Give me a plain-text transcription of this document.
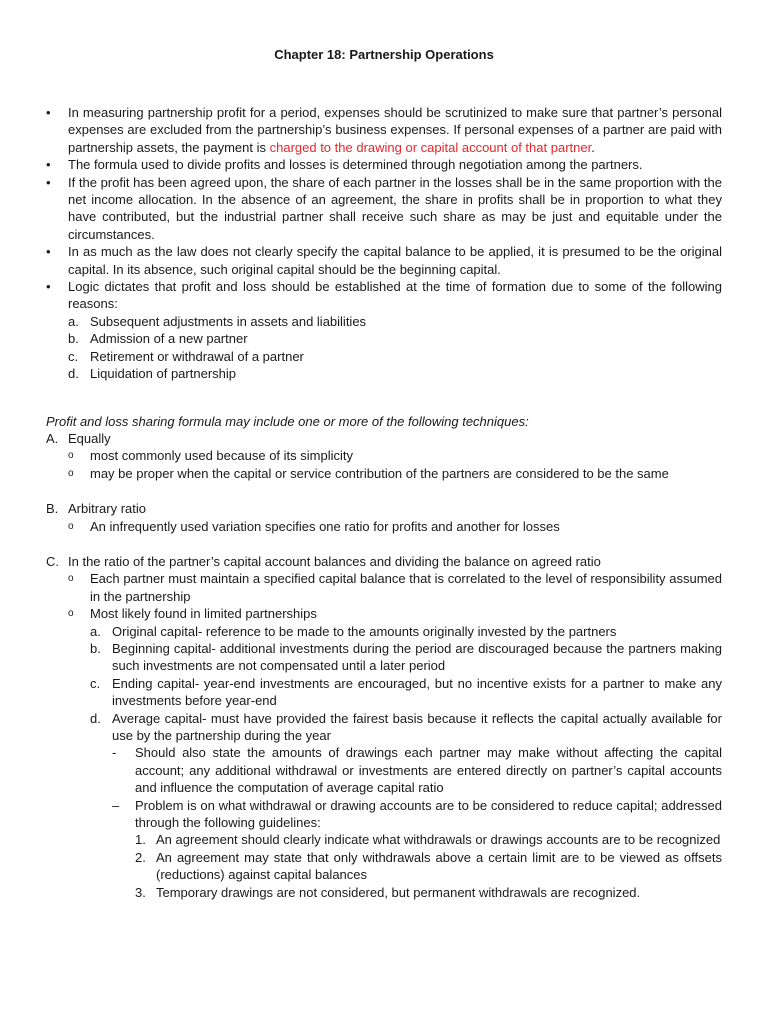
Chapter 18: Partnership Operations
• In measuring partnership profit for a period, expenses should be scrutinized to make sure that partner’s personal expenses are excluded from the partnership’s business expenses. If personal expenses of a partner are paid with partnership assets, the payment is charged to the drawing or capital account of that partner.
• The formula used to divide profits and losses is determined through negotiation among the partners.
• If the profit has been agreed upon, the share of each partner in the losses shall be in the same proportion with the net income allocation. In the absence of an agreement, the share in profits shall be in proportion to what they have contributed, but the industrial partner shall receive such share as may be just and equitable under the circumstances.
• In as much as the law does not clearly specify the capital balance to be applied, it is presumed to be the original capital. In its absence, such original capital should be the beginning capital.
• Logic dictates that profit and loss should be established at the time of formation due to some of the following reasons:
a. Subsequent adjustments in assets and liabilities
b. Admission of a new partner
c. Retirement or withdrawal of a partner
d. Liquidation of partnership
Profit and loss sharing formula may include one or more of the following techniques:
A. Equally
o most commonly used because of its simplicity
o may be proper when the capital or service contribution of the partners are considered to be the same
B. Arbitrary ratio
o An infrequently used variation specifies one ratio for profits and another for losses
C. In the ratio of the partner’s capital account balances and dividing the balance on agreed ratio
o Each partner must maintain a specified capital balance that is correlated to the level of responsibility assumed in the partnership
o Most likely found in limited partnerships
a. Original capital- reference to be made to the amounts originally invested by the partners
b. Beginning capital- additional investments during the period are discouraged because the partners making such investments are not compensated until a later period
c. Ending capital- year-end investments are encouraged, but no incentive exists for a partner to make any investments before year-end
d. Average capital- must have provided the fairest basis because it reflects the capital actually available for use by the partnership during the year
- Should also state the amounts of drawings each partner may make without affecting the capital account; any additional withdrawal or investments are entered directly on partner’s capital accounts and influence the computation of average capital ratio
– Problem is on what withdrawal or drawing accounts are to be considered to reduce capital; addressed through the following guidelines:
1. An agreement should clearly indicate what withdrawals or drawings accounts are to be recognized
2. An agreement may state that only withdrawals above a certain limit are to be viewed as offsets (reductions) against capital balances
3. Temporary drawings are not considered, but permanent withdrawals are recognized.
